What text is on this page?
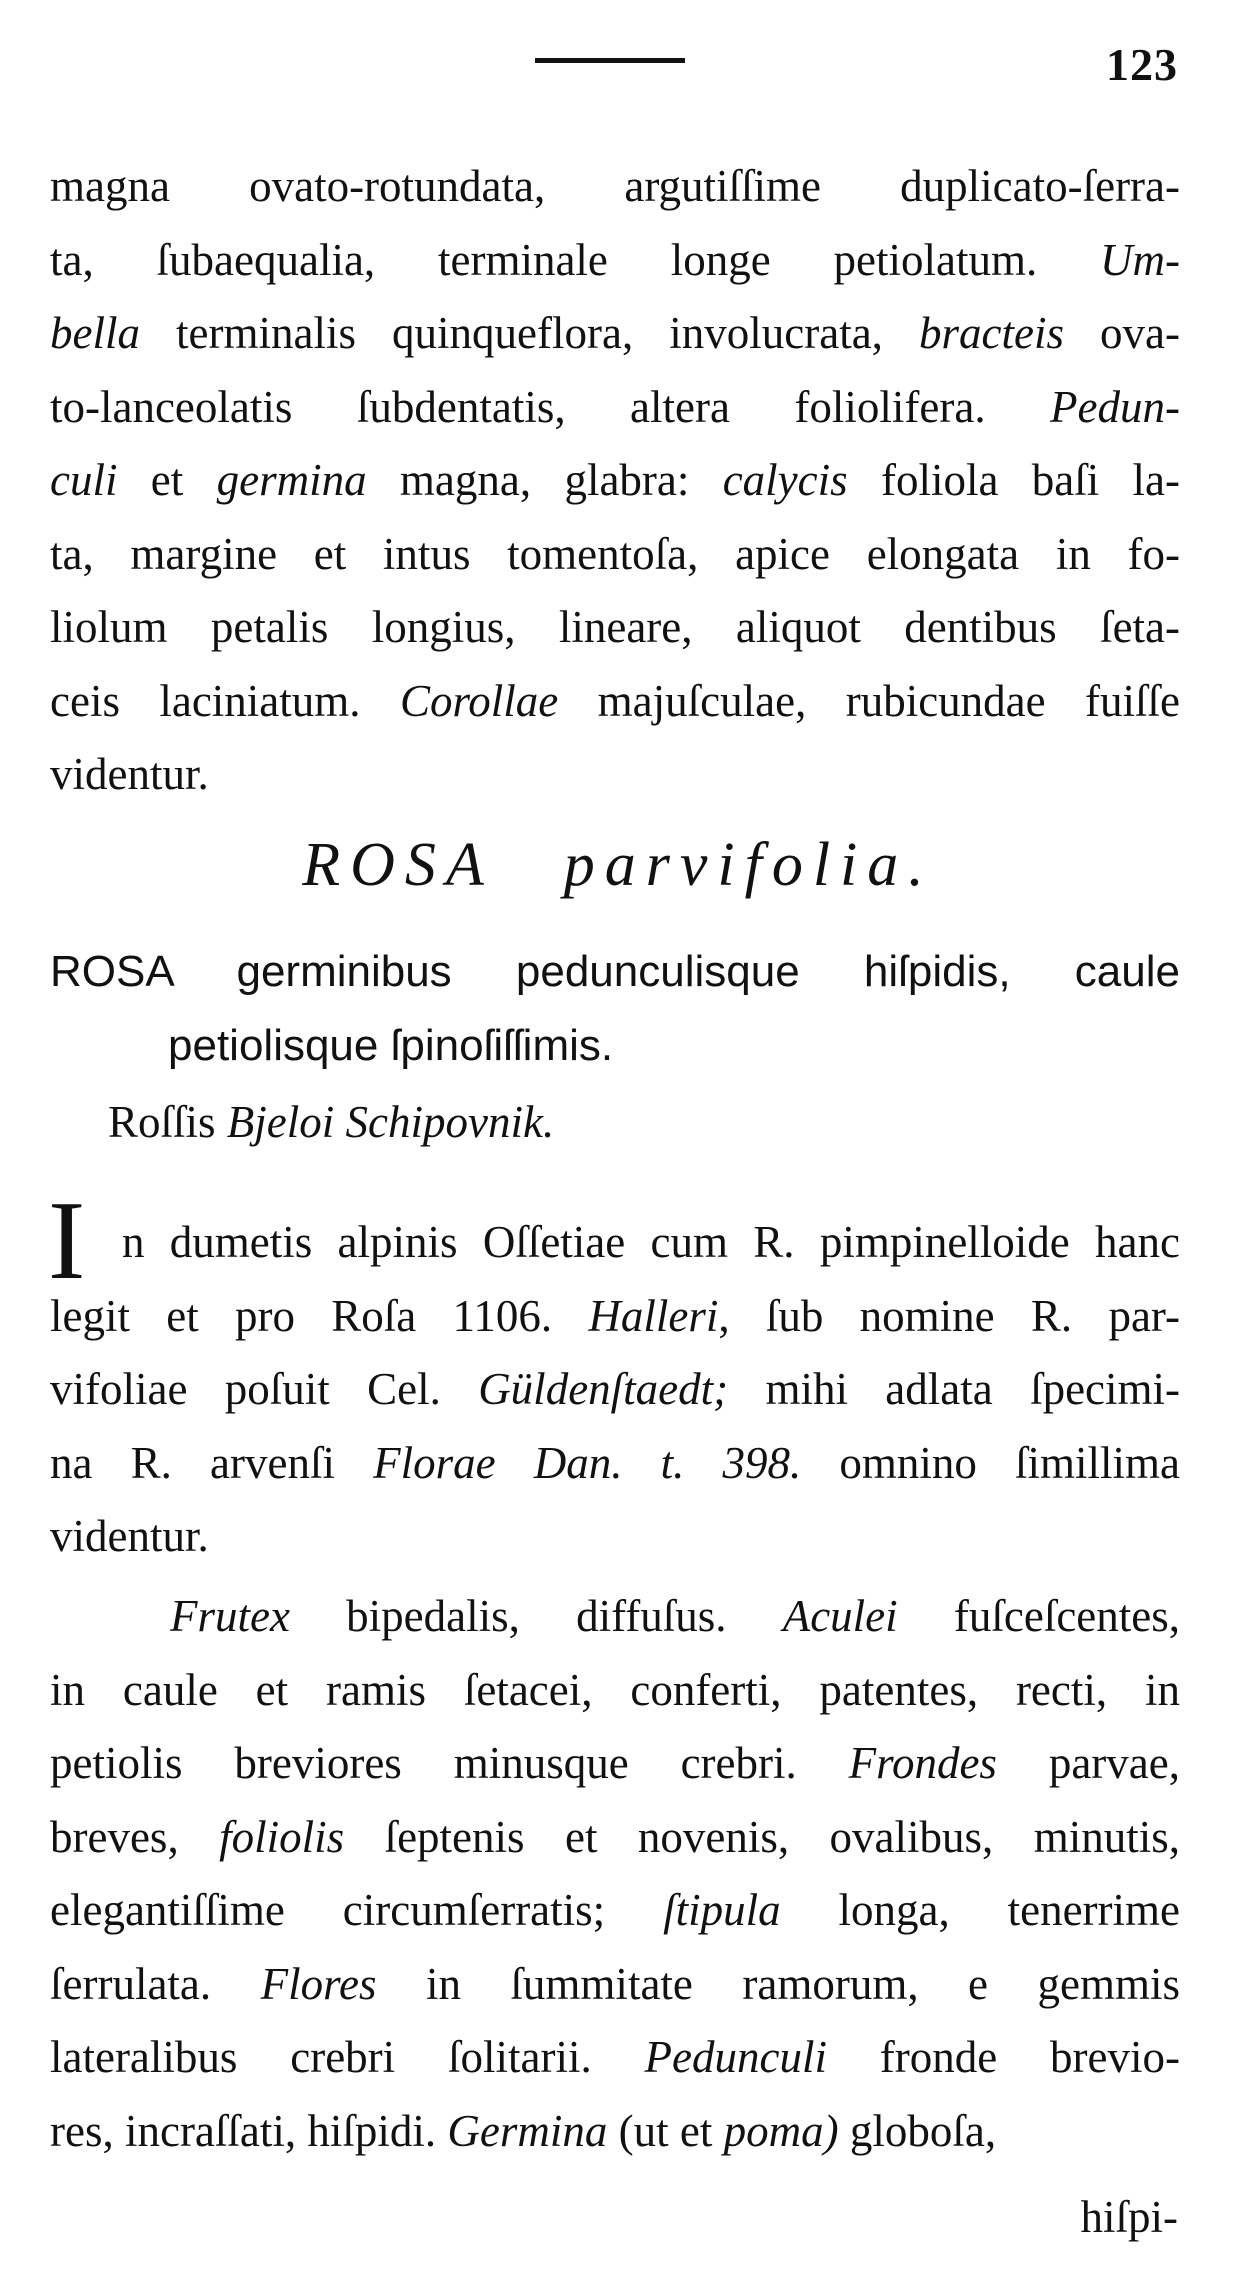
123
magna ovato-rotundata, argutiſſime duplicato-ſerra-
ta, ſubaequalia, terminale longe petiolatum. Um-
bella terminalis quinqueflora, involucrata, bracteis ova-
to-lanceolatis ſubdentatis, altera foliolifera. Pedun-
culi et germina magna, glabra: calycis foliola baſi la-
ta, margine et intus tomentoſa, apice elongata in fo-
liolum petalis longius, lineare, aliquot dentibus ſeta-
ceis laciniatum. Corollae majuſculae, rubicundae fuiſſe
videntur.
ROSA parvifolia.
ROSA germinibus pedunculisque hiſpidis, caule
petiolisque ſpinoſiſſimis.
Roſſis Bjeloi Schipovnik.
I n dumetis alpinis Oſſetiae cum R. pimpinelloide hanc
legit et pro Roſa 1106. Halleri, ſub nomine R. par-
vifoliae poſuit Cel. Güldenſtaedt; mihi adlata ſpecimi-
na R. arvenſi Florae Dan. t. 398. omnino ſimillima
videntur.
Frutex bipedalis, diffuſus. Aculei fuſceſcentes,
in caule et ramis ſetacei, conferti, patentes, recti, in
petiolis breviores minusque crebri. Frondes parvae,
breves, foliolis ſeptenis et novenis, ovalibus, minutis,
elegantiſſime circumſerratis; ſtipula longa, tenerrime
ſerrulata. Flores in ſummitate ramorum, e gemmis
lateralibus crebri ſolitarii. Pedunculi fronde brevio-
res, incraſſati, hiſpidi. Germina (ut et poma) globoſa,
hiſpi-
